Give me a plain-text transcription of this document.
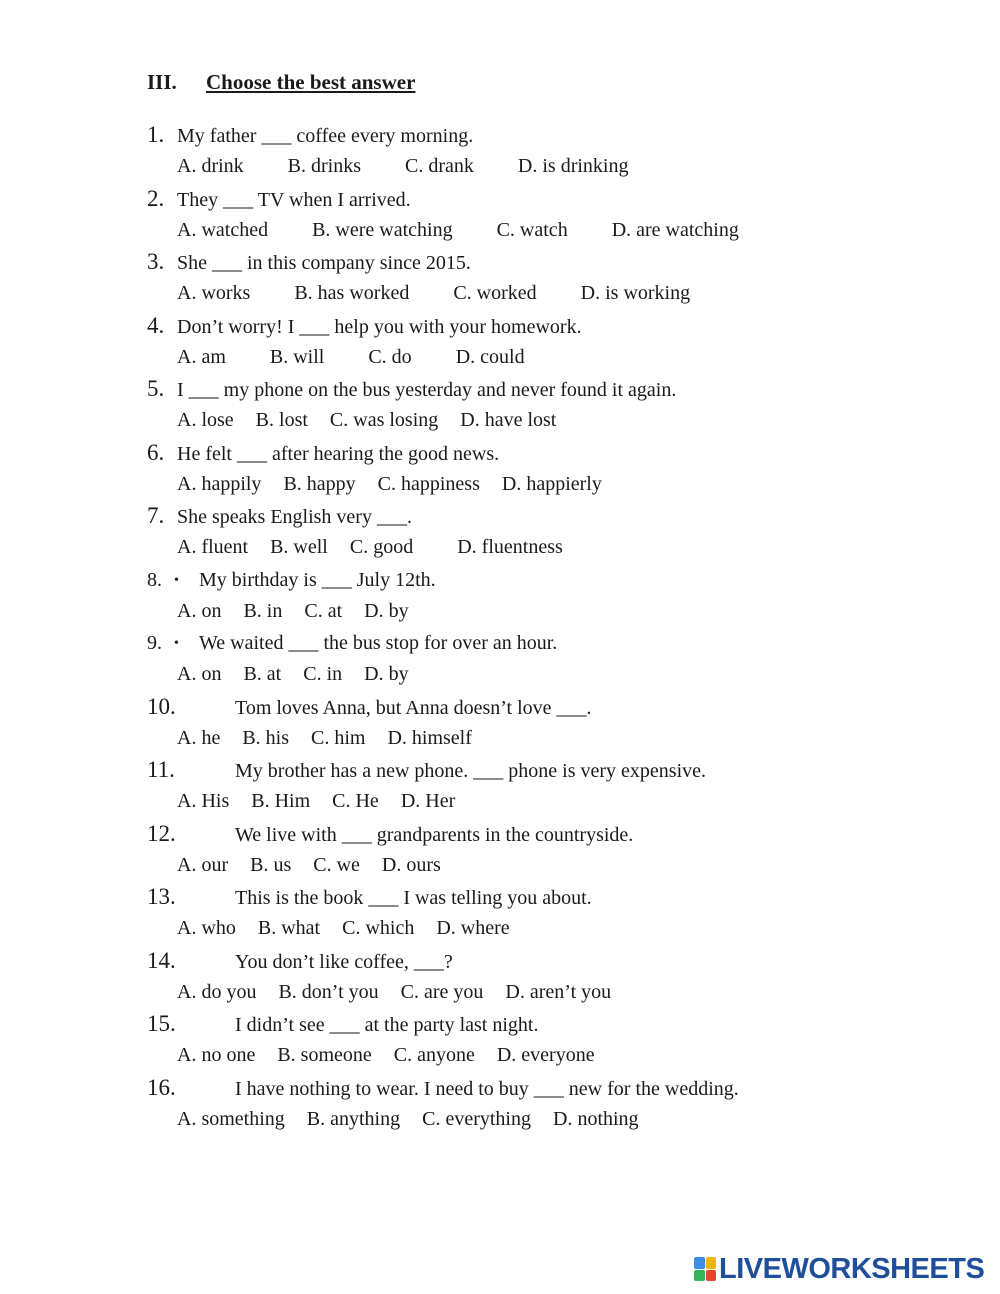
III. Choose the best answer
1. My father ___ coffee every morning.
A. drink B. drinks C. drank D. is drinking
2. They ___ TV when I arrived.
A. watched B. were watching C. watch D. are watching
3. She ___ in this company since 2015.
A. works B. has worked C. worked D. is working
4. Don’t worry! I ___ help you with your homework.
A. am B. will C. do D. could
5. I ___ my phone on the bus yesterday and never found it again.
A. lose B. lost C. was losing D. have lost
6. He felt ___ after hearing the good news.
A. happily B. happy C. happiness D. happierly
7. She speaks English very ___.
A. fluent B. well C. good D. fluentness
8. • My birthday is ___ July 12th.
A. on B. in C. at D. by
9. • We waited ___ the bus stop for over an hour.
A. on B. at C. in D. by
10.	Tom loves Anna, but Anna doesn’t love ___.
A. he B. his C. him D. himself
11.	My brother has a new phone. ___ phone is very expensive.
A. His B. Him C. He D. Her
12.	We live with ___ grandparents in the countryside.
A. our B. us C. we D. ours
13.	This is the book ___ I was telling you about.
A. who B. what C. which D. where
14.	You don’t like coffee, ___?
A. do you B. don’t you C. are you D. aren’t you
15.	I didn’t see ___ at the party last night.
A. no one B. someone C. anyone D. everyone
16.	I have nothing to wear. I need to buy ___ new for the wedding.
A. something B. anything C. everything D. nothing
LIVEWORKSHEETS
